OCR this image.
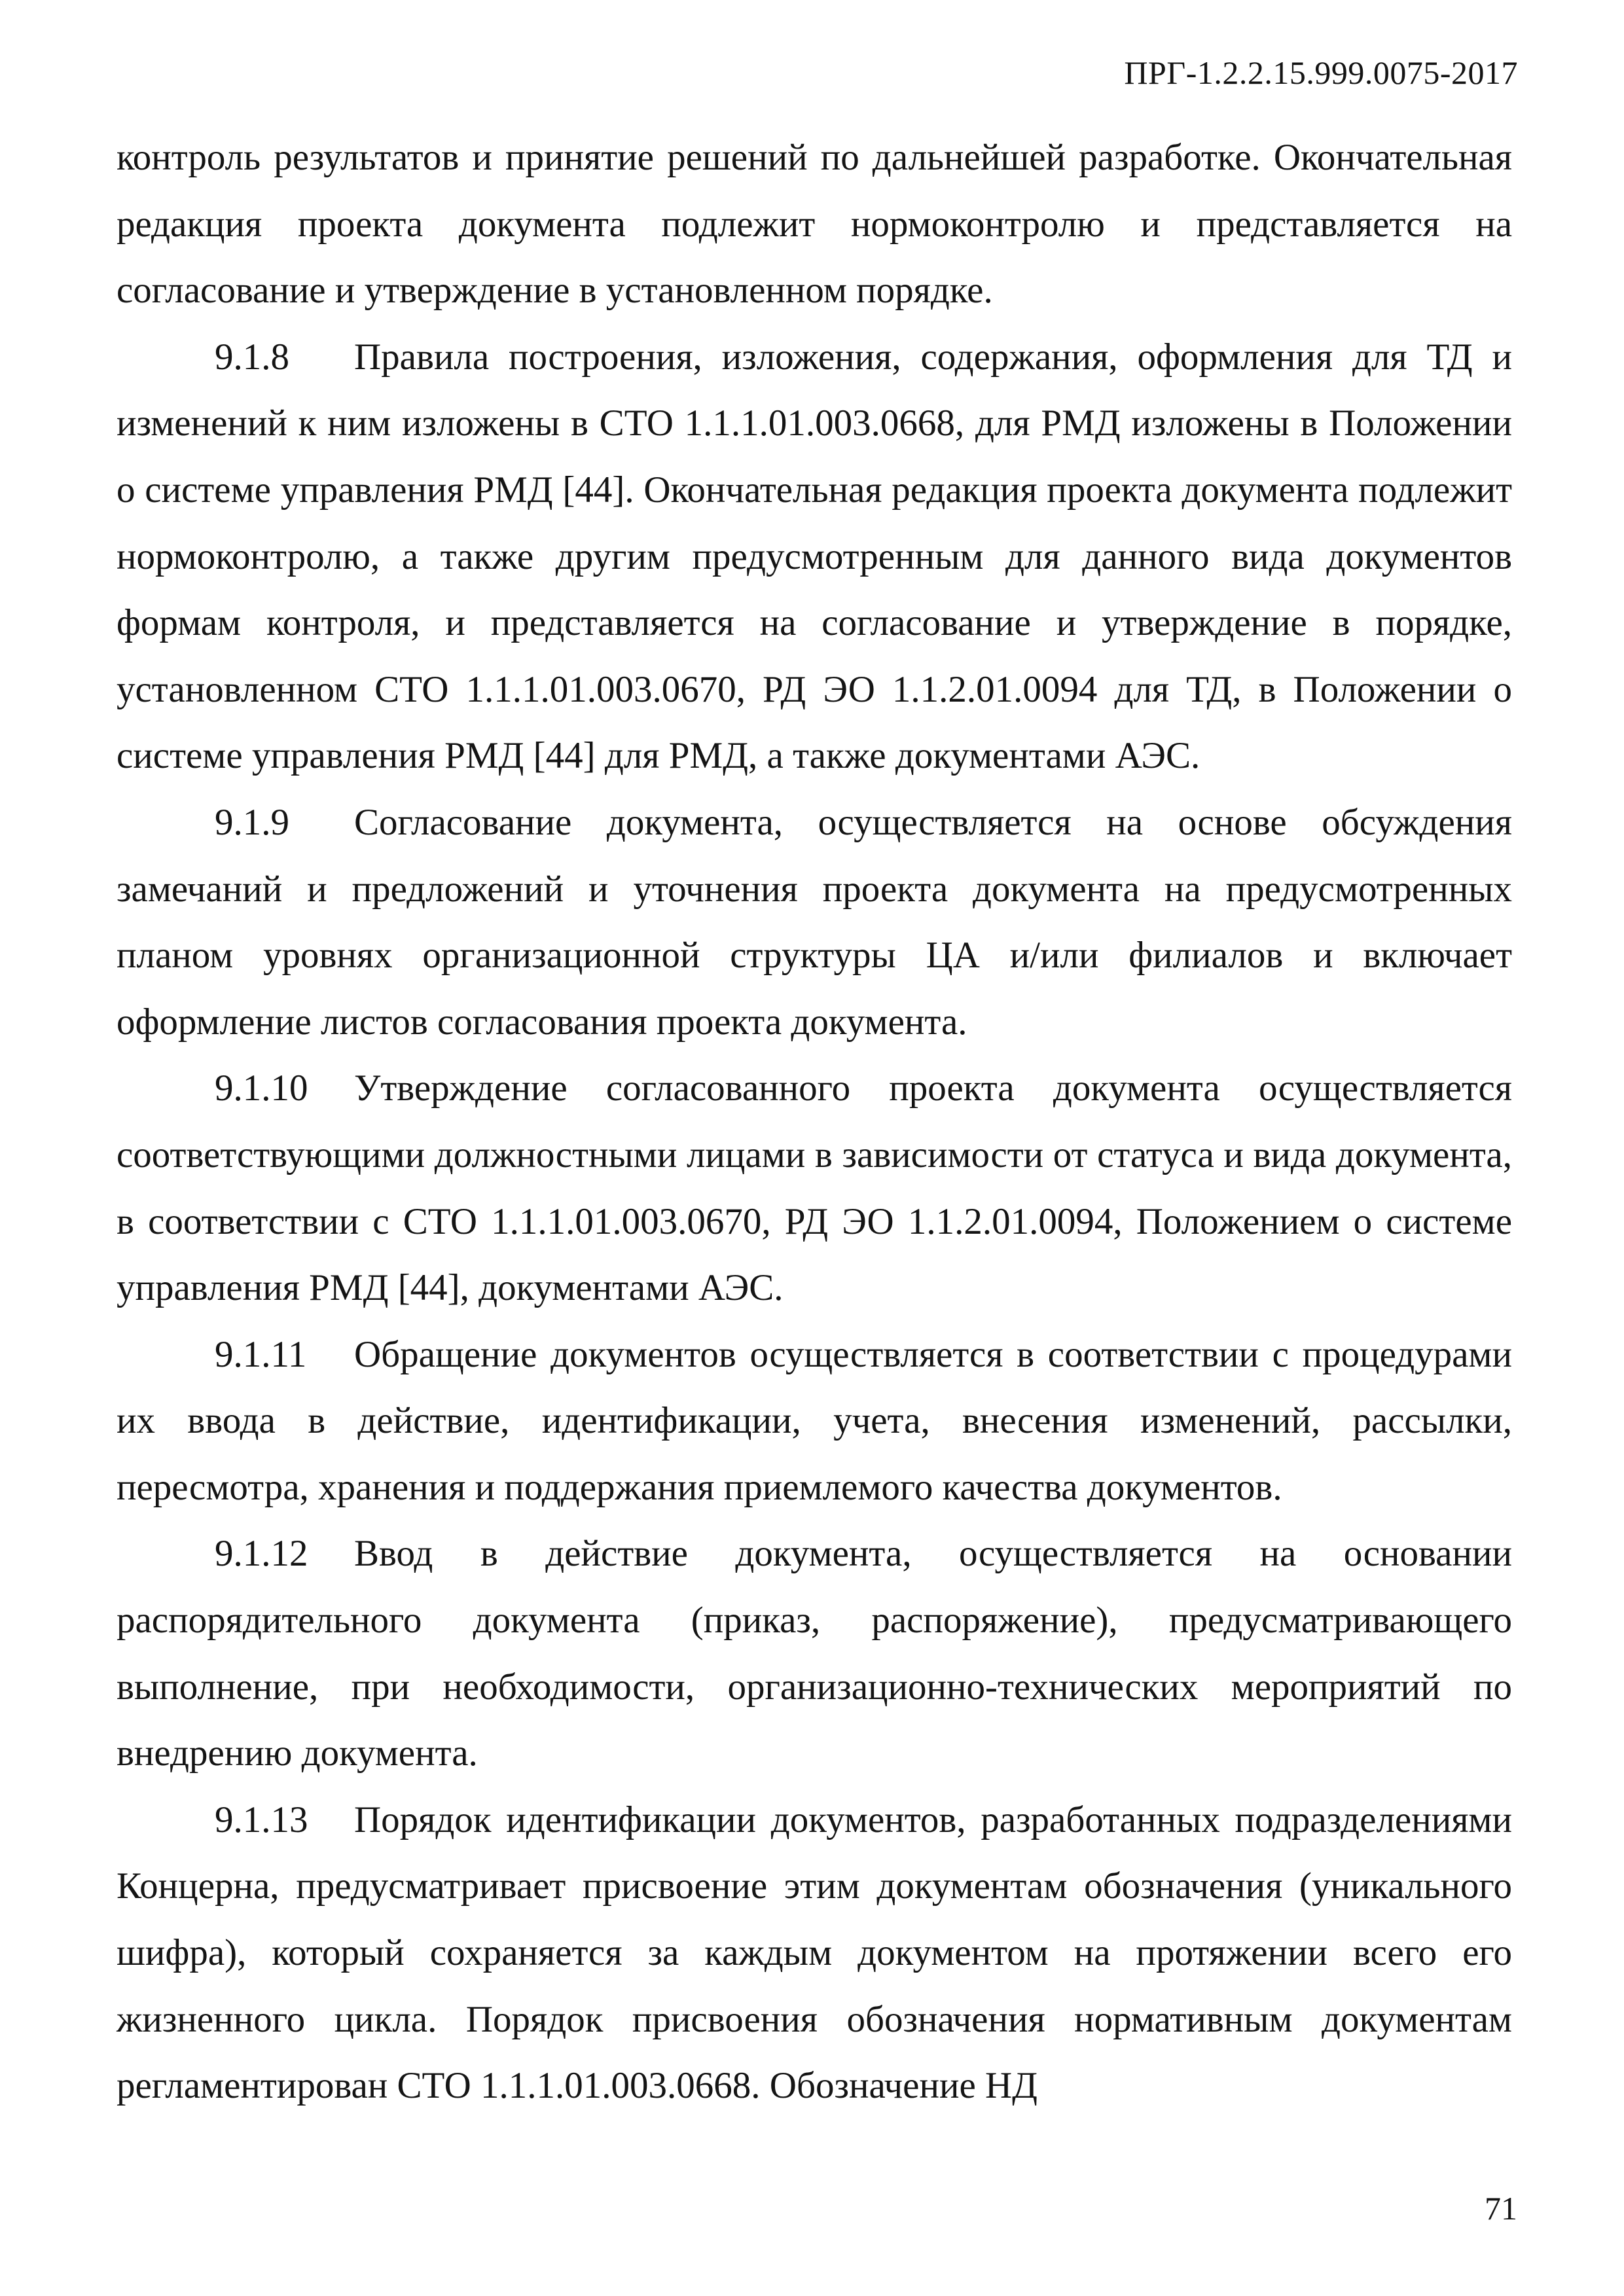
ПРГ-1.2.2.15.999.0075-2017

контроль результатов и принятие решений по дальнейшей разработке. Окончательная редакция проекта документа подлежит нормоконтролю и представляется на согласование и утверждение в установленном порядке.

9.1.8 Правила построения, изложения, содержания, оформления для ТД и изменений к ним изложены в СТО 1.1.1.01.003.0668, для РМД изложены в Положении о системе управления РМД [44]. Окончательная редакция проекта документа подлежит нормоконтролю, а также другим предусмотренным для данного вида документов формам контроля, и представляется на согласование и утверждение в порядке, установленном СТО 1.1.1.01.003.0670, РД ЭО 1.1.2.01.0094 для ТД, в Положении о системе управления РМД [44] для РМД, а также документами АЭС.

9.1.9 Согласование документа, осуществляется на основе обсуждения замечаний и предложений и уточнения проекта документа на предусмотренных планом уровнях организационной структуры ЦА и/или филиалов и включает оформление листов согласования проекта документа.

9.1.10 Утверждение согласованного проекта документа осуществляется соответствующими должностными лицами в зависимости от статуса и вида документа, в соответствии с СТО 1.1.1.01.003.0670, РД ЭО 1.1.2.01.0094, Положением о системе управления РМД [44], документами АЭС.

9.1.11 Обращение документов осуществляется в соответствии с процедурами их ввода в действие, идентификации, учета, внесения изменений, рассылки, пересмотра, хранения и поддержания приемлемого качества документов.

9.1.12 Ввод в действие документа, осуществляется на основании распорядительного документа (приказ, распоряжение), предусматривающего выполнение, при необходимости, организационно-технических мероприятий по внедрению документа.

9.1.13 Порядок идентификации документов, разработанных подразделениями Концерна, предусматривает присвоение этим документам обозначения (уникального шифра), который сохраняется за каждым документом на протяжении всего его жизненного цикла. Порядок присвоения обозначения нормативным документам регламентирован СТО 1.1.1.01.003.0668. Обозначение НД

71
